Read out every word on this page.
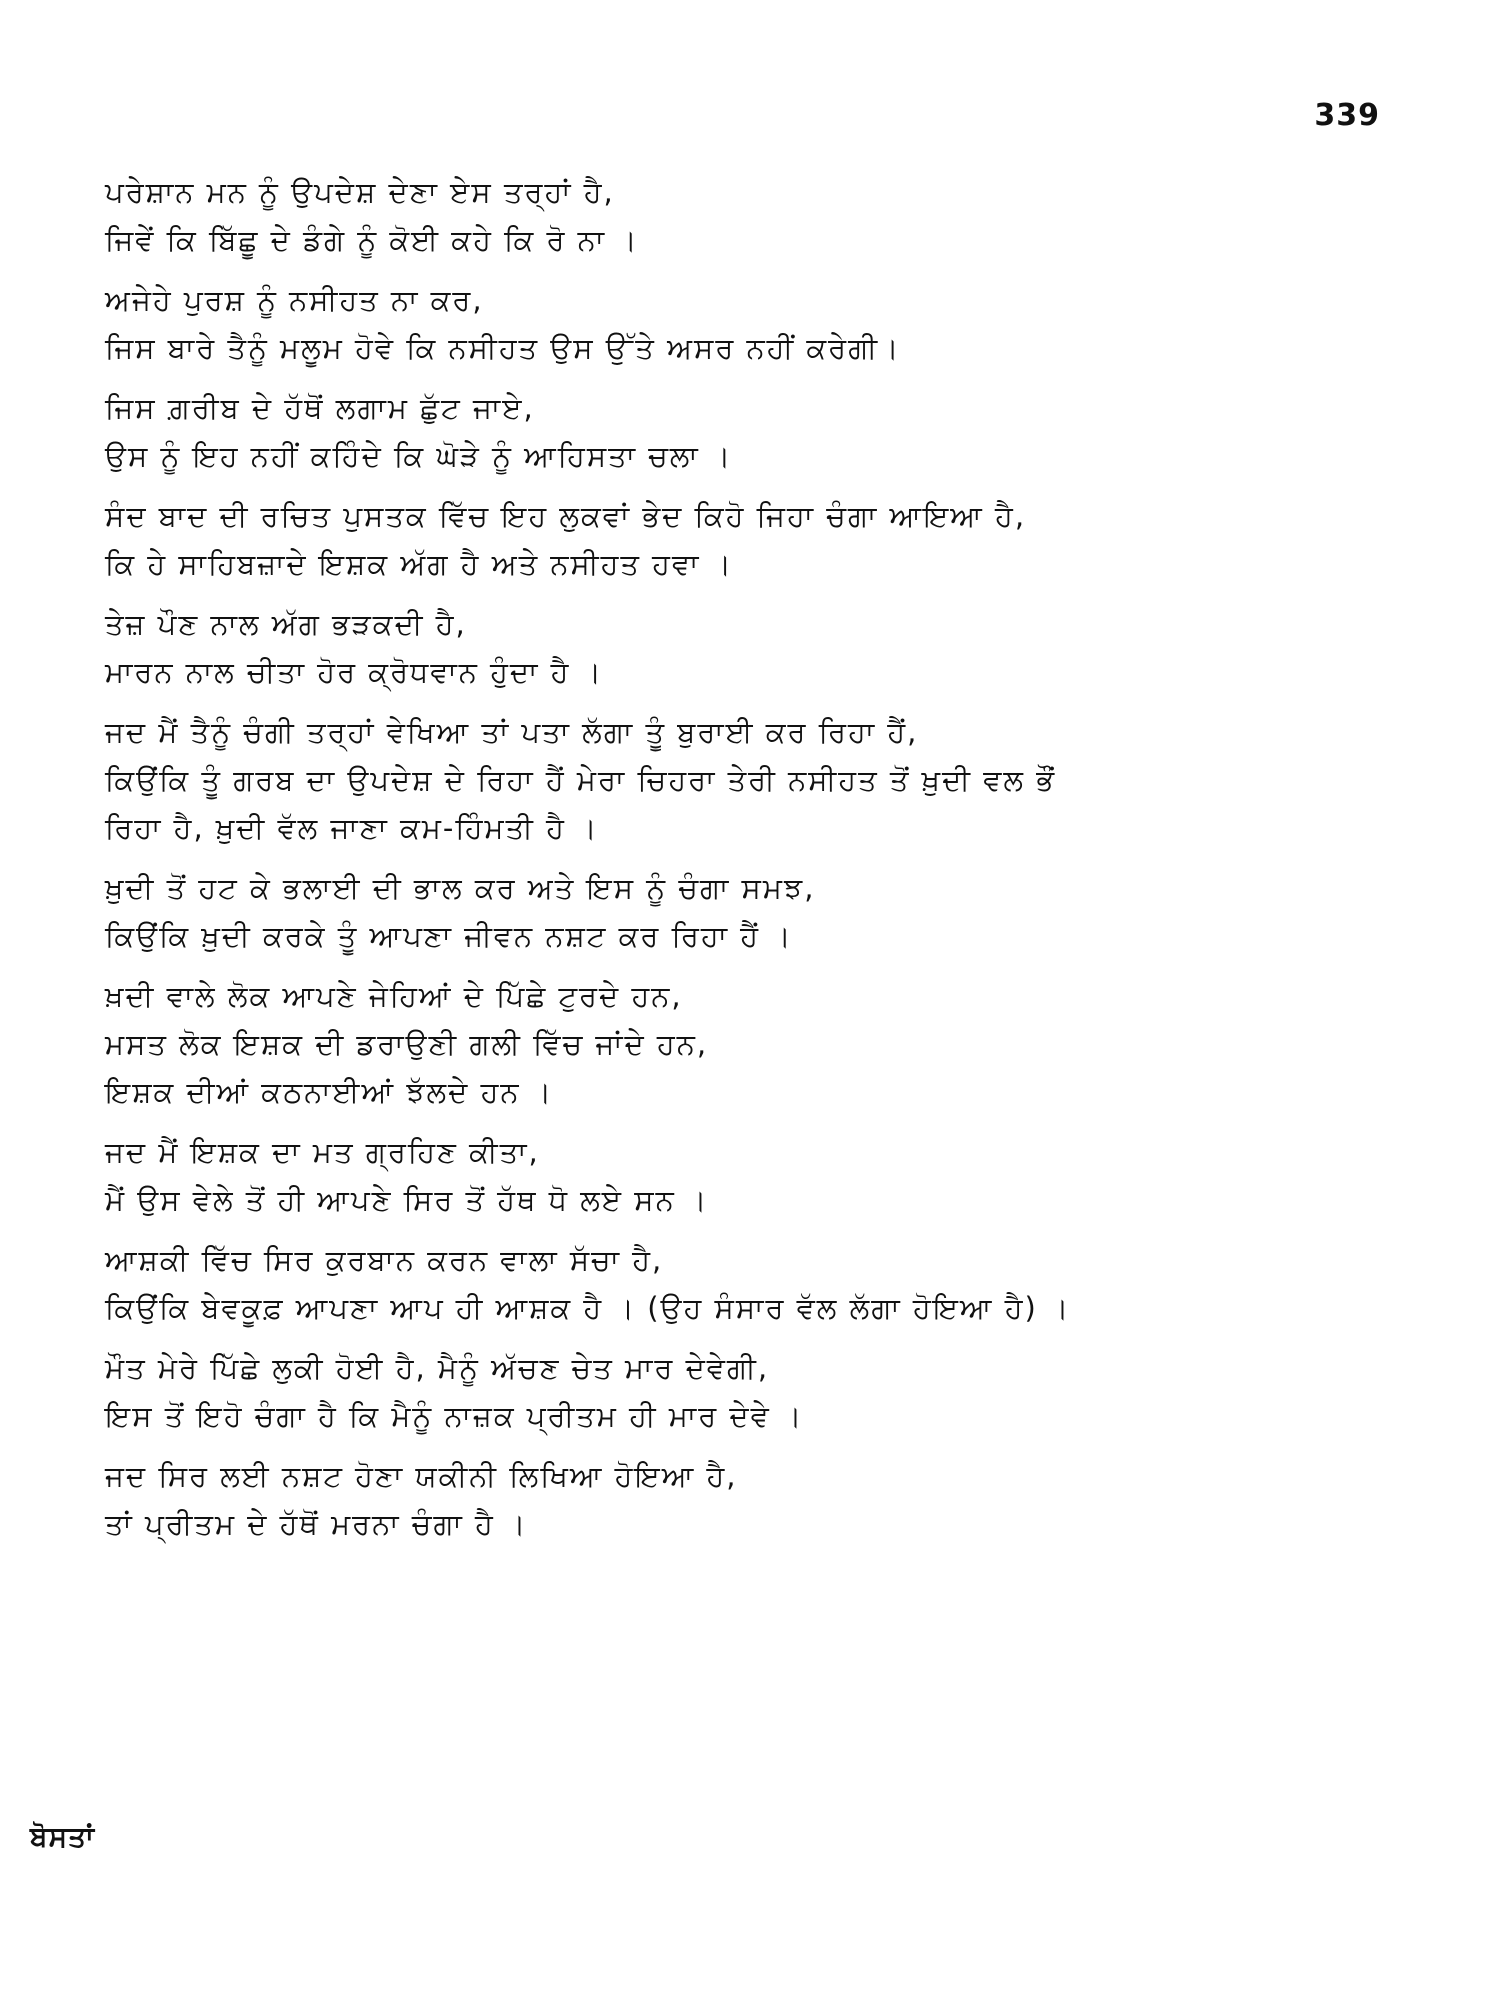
339
ਪਰੇਸ਼ਾਨ ਮਨ ਨੂੰ ਉਪਦੇਸ਼ ਦੇਣਾ ਏਸ ਤਰ੍ਹਾਂ ਹੈ,
ਜਿਵੇਂ ਕਿ ਬਿੱਛੂ ਦੇ ਡੰਗੇ ਨੂੰ ਕੋਈ ਕਹੇ ਕਿ ਰੋ ਨਾ ।
ਅਜੇਹੇ ਪੁਰਸ਼ ਨੂੰ ਨਸੀਹਤ ਨਾ ਕਰ,
ਜਿਸ ਬਾਰੇ ਤੈਨੂੰ ਮਲੂਮ ਹੋਵੇ ਕਿ ਨਸੀਹਤ ਉਸ ਉੱਤੇ ਅਸਰ ਨਹੀਂ ਕਰੇਗੀ।
ਜਿਸ ਗ਼ਰੀਬ ਦੇ ਹੱਥੋਂ ਲਗਾਮ ਛੁੱਟ ਜਾਏ,
ਉਸ ਨੂੰ ਇਹ ਨਹੀਂ ਕਹਿੰਦੇ ਕਿ ਘੋੜੇ ਨੂੰ ਆਹਿਸਤਾ ਚਲਾ ।
ਸੰਦ ਬਾਦ ਦੀ ਰਚਿਤ ਪੁਸਤਕ ਵਿੱਚ ਇਹ ਲੁਕਵਾਂ ਭੇਦ ਕਿਹੋ ਜਿਹਾ ਚੰਗਾ ਆਇਆ ਹੈ,
ਕਿ ਹੇ ਸਾਹਿਬਜ਼ਾਦੇ ਇਸ਼ਕ ਅੱਗ ਹੈ ਅਤੇ ਨਸੀਹਤ ਹਵਾ ।
ਤੇਜ਼ ਪੌਣ ਨਾਲ ਅੱਗ ਭੜਕਦੀ ਹੈ,
ਮਾਰਨ ਨਾਲ ਚੀਤਾ ਹੋਰ ਕ੍ਰੋਧਵਾਨ ਹੁੰਦਾ ਹੈ ।
ਜਦ ਮੈਂ ਤੈਨੂੰ ਚੰਗੀ ਤਰ੍ਹਾਂ ਵੇਖਿਆ ਤਾਂ ਪਤਾ ਲੱਗਾ ਤੂੰ ਬੁਰਾਈ ਕਰ ਰਿਹਾ ਹੈਂ,
ਕਿਉਂਕਿ ਤੂੰ ਗਰਬ ਦਾ ਉਪਦੇਸ਼ ਦੇ ਰਿਹਾ ਹੈਂ ਮੇਰਾ ਚਿਹਰਾ ਤੇਰੀ ਨਸੀਹਤ ਤੋਂ ਖ਼ੁਦੀ ਵਲ ਭੌਂ
ਰਿਹਾ ਹੈ, ਖ਼ੁਦੀ ਵੱਲ ਜਾਣਾ ਕਮ-ਹਿੰਮਤੀ ਹੈ ।
ਖ਼ੁਦੀ ਤੋਂ ਹਟ ਕੇ ਭਲਾਈ ਦੀ ਭਾਲ ਕਰ ਅਤੇ ਇਸ ਨੂੰ ਚੰਗਾ ਸਮਝ,
ਕਿਉਂਕਿ ਖ਼ੁਦੀ ਕਰਕੇ ਤੂੰ ਆਪਣਾ ਜੀਵਨ ਨਸ਼ਟ ਕਰ ਰਿਹਾ ਹੈਂ ।
ਖ਼ਦੀ ਵਾਲੇ ਲੋਕ ਆਪਣੇ ਜੇਹਿਆਂ ਦੇ ਪਿੱਛੇ ਟੁਰਦੇ ਹਨ,
ਮਸਤ ਲੋਕ ਇਸ਼ਕ ਦੀ ਡਰਾਉਣੀ ਗਲੀ ਵਿੱਚ ਜਾਂਦੇ ਹਨ,
ਇਸ਼ਕ ਦੀਆਂ ਕਠਨਾਈਆਂ ਝੱਲਦੇ ਹਨ ।
ਜਦ ਮੈਂ ਇਸ਼ਕ ਦਾ ਮਤ ਗ੍ਰਹਿਣ ਕੀਤਾ,
ਮੈਂ ਉਸ ਵੇਲੇ ਤੋਂ ਹੀ ਆਪਣੇ ਸਿਰ ਤੋਂ ਹੱਥ ਧੋ ਲਏ ਸਨ ।
ਆਸ਼ਕੀ ਵਿੱਚ ਸਿਰ ਕੁਰਬਾਨ ਕਰਨ ਵਾਲਾ ਸੱਚਾ ਹੈ,
ਕਿਉਂਕਿ ਬੇਵਕੂਫ਼ ਆਪਣਾ ਆਪ ਹੀ ਆਸ਼ਕ ਹੈ । (ਉਹ ਸੰਸਾਰ ਵੱਲ ਲੱਗਾ ਹੋਇਆ ਹੈ) ।
ਮੌਤ ਮੇਰੇ ਪਿੱਛੇ ਲੁਕੀ ਹੋਈ ਹੈ, ਮੈਨੂੰ ਅੱਚਣ ਚੇਤ ਮਾਰ ਦੇਵੇਗੀ,
ਇਸ ਤੋਂ ਇਹੋ ਚੰਗਾ ਹੈ ਕਿ ਮੈਨੂੰ ਨਾਜ਼ਕ ਪ੍ਰੀਤਮ ਹੀ ਮਾਰ ਦੇਵੇ ।
ਜਦ ਸਿਰ ਲਈ ਨਸ਼ਟ ਹੋਣਾ ਯਕੀਨੀ ਲਿਖਿਆ ਹੋਇਆ ਹੈ,
ਤਾਂ ਪ੍ਰੀਤਮ ਦੇ ਹੱਥੋਂ ਮਰਨਾ ਚੰਗਾ ਹੈ ।
ਬੋਸਤਾਂ
